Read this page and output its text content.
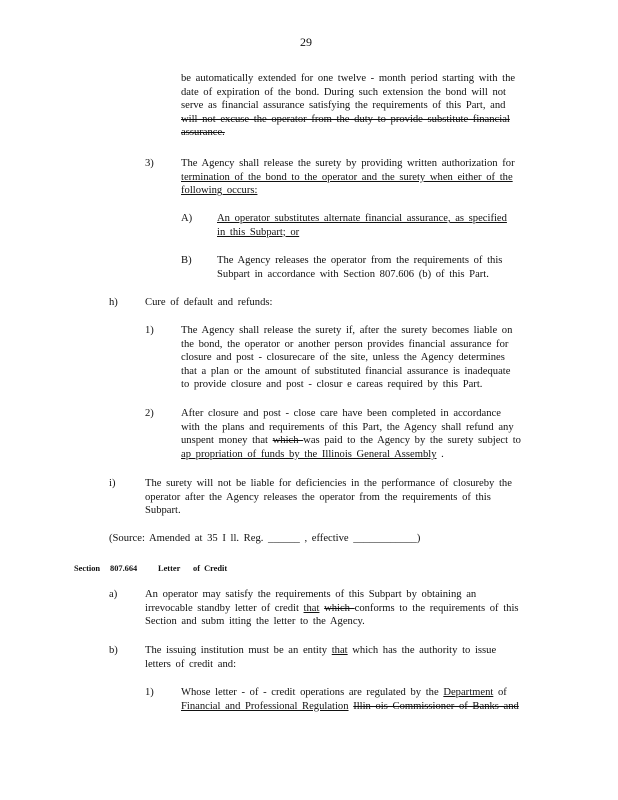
29
be automatically extended for one twelve - month period starting with the
date of expiration of the bond. During such extension the bond will not
serve as financial assurance satisfying the requirements of this Part, and
will not excuse the operator from the duty to provide substitute financial
assurance.
3)	The Agency shall release the surety by providing written authorization for
termination of the bond to the operator and the surety when either of the
following occurs:
A) An operator substitutes alternate financial assurance, as specified
in this Subpart; or
B) The Agency releases the operator from the requirements of this
Subpart in accordance with Section 807.606 (b) of this Part.
h)	Cure of default and refunds:
1)	The Agency shall release the surety if, after the surety becomes liable on
the bond, the operator or another person provides financial assurance for
closure and post - closurecare of the site, unless the Agency determines
that a plan or the amount of substituted financial assurance is inadequate
to provide closure and post - closur e careas required by this Part.
2)	After closure and post - close care have been completed in accordance
with the plans and requirements of this Part, the Agency shall refund any
unspent money that which was paid to the Agency by the surety subject to
ap propriation of funds by the Illinois General Assembly .
i)	The surety will not be liable for deficiencies in the performance of closureby the
operator after the Agency releases the operator from the requirements of this
Subpart.
(Source: Amended at 35 I ll. Reg. ______ , effective ____________)
Section 807.664 Letter of Credit
a)	An operator may satisfy the requirements of this Subpart by obtaining an
irrevocable standby letter of credit that which conforms to the requirements of this
Section and subm itting the letter to the Agency.
b)	The issuing institution must be an entity that which has the authority to issue
letters of credit and:
1)	Whose letter - of - credit operations are regulated by the Department of
Financial and Professional Regulation Illin ois Commissioner of Banks and
